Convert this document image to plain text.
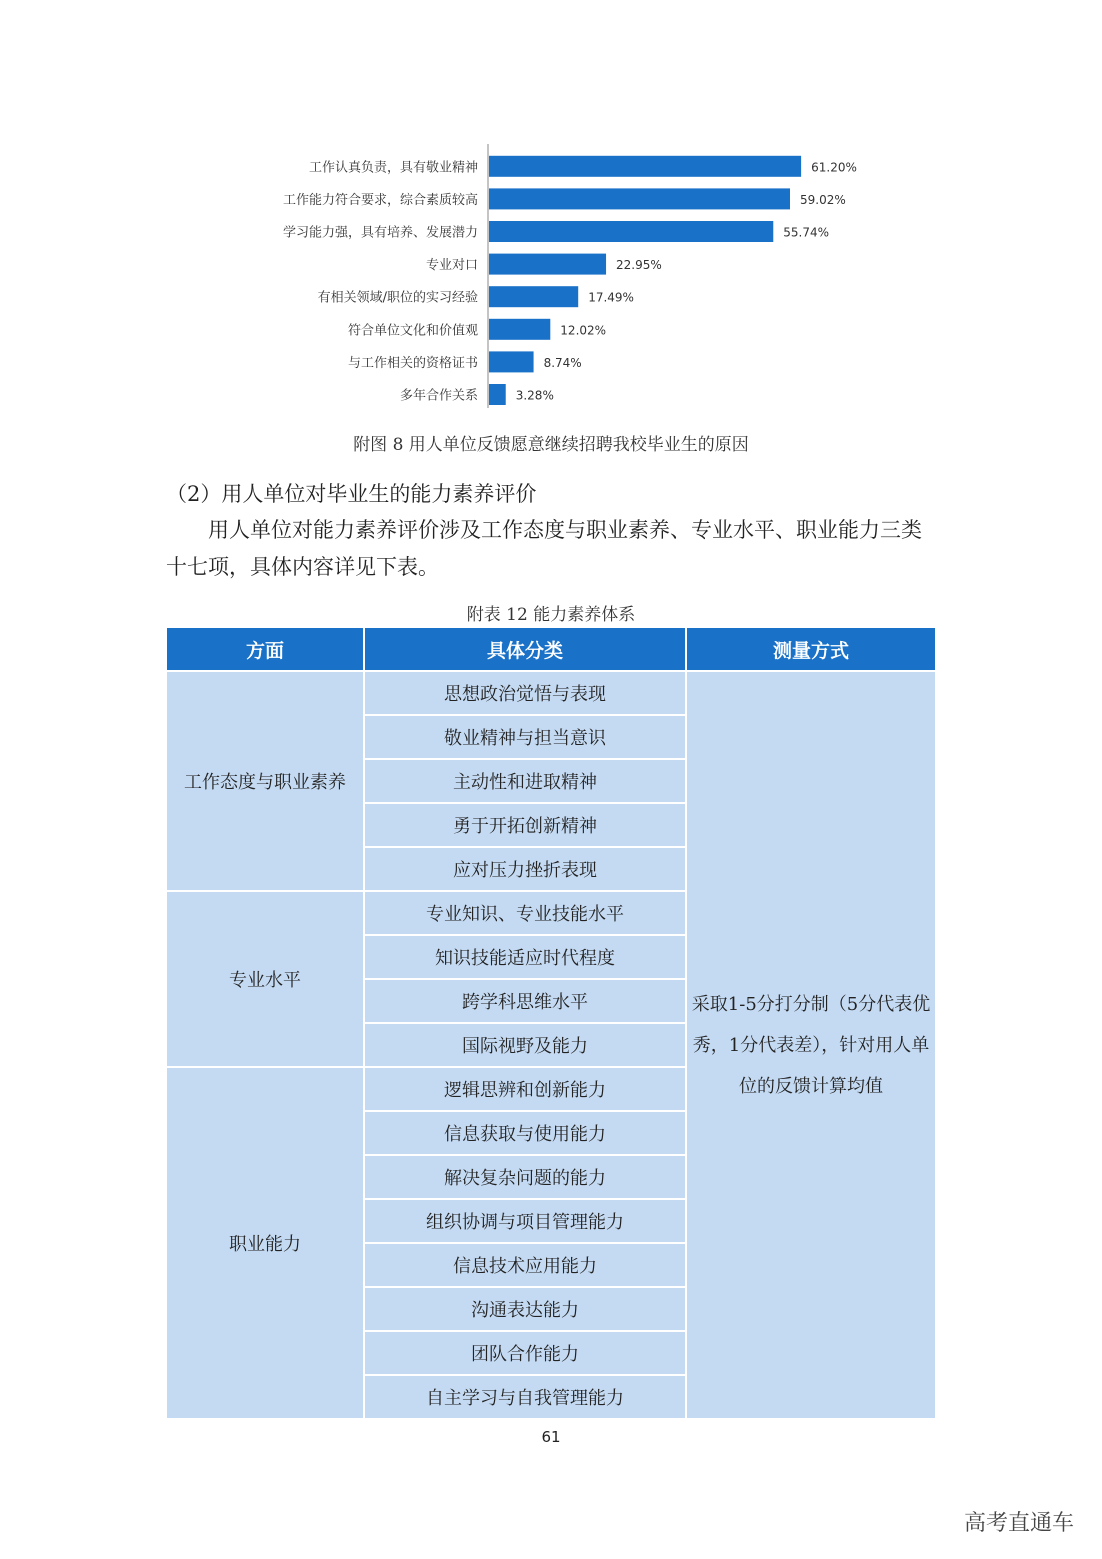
工作认真负责，具有敬业精神	61.20%
工作能力符合要求，综合素质较高	59.02%
学习能力强，具有培养、发展潜力	55.74%
专业对口	22.95%
有相关领域/职位的实习经验	17.49%
符合单位文化和价值观	12.02%
与工作相关的资格证书	8.74%
多年合作关系	3.28%
附图 8 用人单位反馈愿意继续招聘我校毕业生的原因
（2）用人单位对毕业生的能力素养评价
　　用人单位对能力素养评价涉及工作态度与职业素养、专业水平、职业能力三类十七项，具体内容详见下表。
附表 12 能力素养体系
方面	具体分类	测量方式
工作态度与职业素养	思想政治觉悟与表现	采取1-5分打分制（5分代表优秀，1分代表差），针对用人单位的反馈计算均值
	敬业精神与担当意识	
	主动性和进取精神	
	勇于开拓创新精神	
	应对压力挫折表现	
专业水平	专业知识、专业技能水平	
	知识技能适应时代程度	
	跨学科思维水平	
	国际视野及能力	
职业能力	逻辑思辨和创新能力	
	信息获取与使用能力	
	解决复杂问题的能力	
	组织协调与项目管理能力	
	信息技术应用能力	
	沟通表达能力	
	团队合作能力	
	自主学习与自我管理能力	
61
高考直通车
